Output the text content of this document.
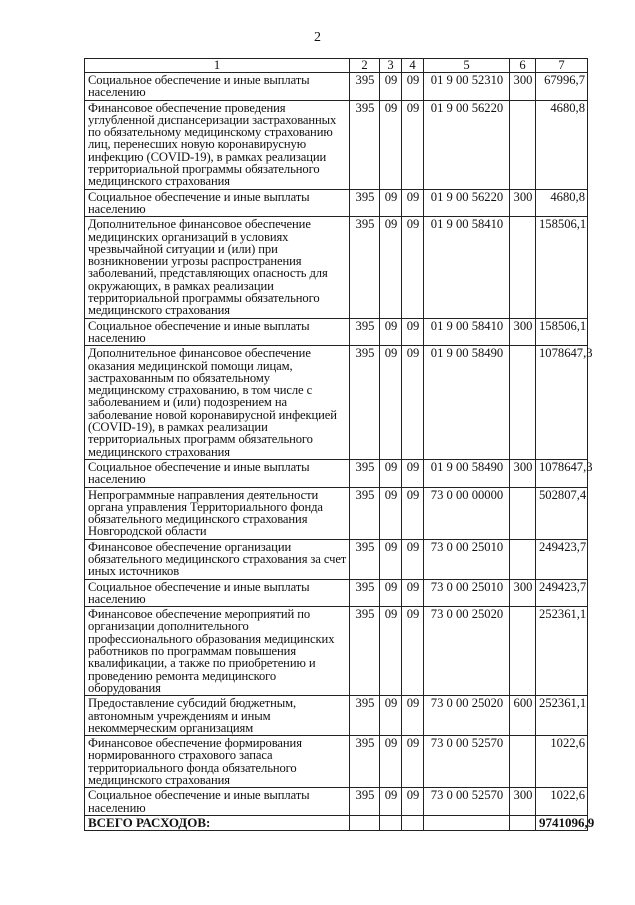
2
1	2	3	4	5	6	7
Социальное обеспечение и иные выплаты населению	395	09	09	01 9 00 52310	300	67996,7
Финансовое обеспечение проведения углубленной диспансеризации застрахованных по обязательному медицинскому страхованию лиц, перенесших новую коронавирусную инфекцию (COVID-19), в рамках реализации территориальной программы обязательного медицинского страхования	395	09	09	01 9 00 56220		4680,8
Социальное обеспечение и иные выплаты населению	395	09	09	01 9 00 56220	300	4680,8
Дополнительное финансовое обеспечение медицинских организаций в условиях чрезвычайной ситуации и (или) при возникновении угрозы распространения заболеваний, представляющих опасность для окружающих, в рамках реализации территориальной программы обязательного медицинского страхования	395	09	09	01 9 00 58410		158506,1
Социальное обеспечение и иные выплаты населению	395	09	09	01 9 00 58410	300	158506,1
Дополнительное финансовое обеспечение оказания медицинской помощи лицам, застрахованным по обязательному медицинскому страхованию, в том числе с заболеванием и (или) подозрением на заболевание новой коронавирусной инфекцией (COVID-19), в рамках реализации территориальных программ обязательного медицинского страхования	395	09	09	01 9 00 58490		1078647,3
Социальное обеспечение и иные выплаты населению	395	09	09	01 9 00 58490	300	1078647,3
Непрограммные направления деятельности органа управления Территориального фонда обязательного медицинского страхования Новгородской области	395	09	09	73 0 00 00000		502807,4
Финансовое обеспечение организации обязательного медицинского страхования за счет иных источников	395	09	09	73 0 00 25010		249423,7
Социальное обеспечение и иные выплаты населению	395	09	09	73 0 00 25010	300	249423,7
Финансовое обеспечение мероприятий по организации дополнительного профессионального образования медицинских работников по программам повышения квалификации, а также по приобретению и проведению ремонта медицинского оборудования	395	09	09	73 0 00 25020		252361,1
Предоставление субсидий бюджетным, автономным учреждениям и иным некоммерческим организациям	395	09	09	73 0 00 25020	600	252361,1
Финансовое обеспечение формирования нормированного страхового запаса территориального фонда обязательного медицинского страхования	395	09	09	73 0 00 52570		1022,6
Социальное обеспечение и иные выплаты населению	395	09	09	73 0 00 52570	300	1022,6
ВСЕГО РАСХОДОВ:						9741096,9
